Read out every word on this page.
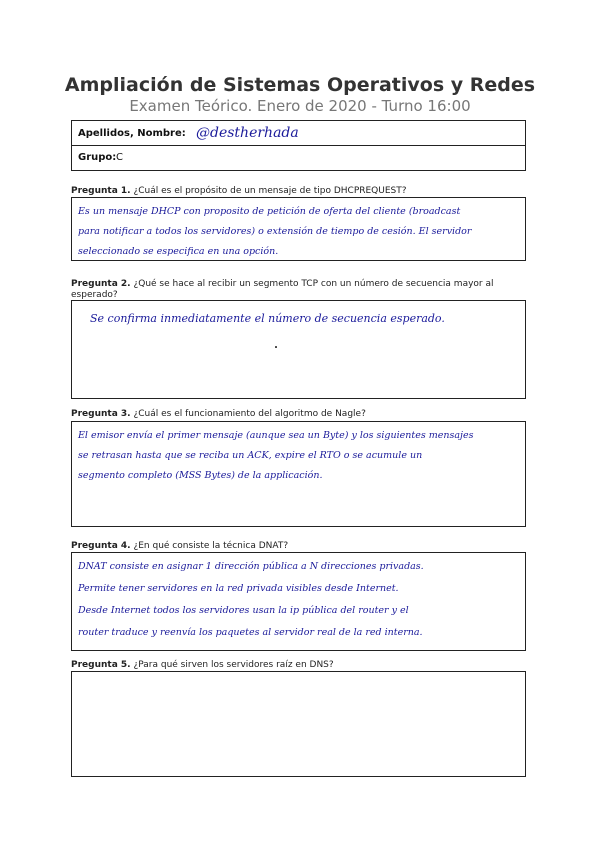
Ampliación de Sistemas Operativos y Redes
Examen Teórico. Enero de 2020 - Turno 16:00
Apellidos, Nombre: @destherhada
Grupo: C
Pregunta 1. ¿Cuál es el propósito de un mensaje de tipo DHCPREQUEST?
Es un mensaje DHCP con proposito de petición de oferta del cliente (broadcast
para notificar a todos los servidores) o extensión de tiempo de cesión. El servidor
seleccionado se especifica en una opción.
Pregunta 2. ¿Qué se hace al recibir un segmento TCP con un número de secuencia mayor al esperado?
Se confirma inmediatamente el número de secuencia esperado.
Pregunta 3. ¿Cuál es el funcionamiento del algoritmo de Nagle?
El emisor envía el primer mensaje (aunque sea un Byte) y los siguientes mensajes
se retrasan hasta que se reciba un ACK, expire el RTO o se acumule un
segmento completo (MSS Bytes) de la applicación.
Pregunta 4. ¿En qué consiste la técnica DNAT?
DNAT consiste en asignar 1 dirección pública a N direcciones privadas.
Permite tener servidores en la red privada visibles desde Internet.
Desde Internet todos los servidores usan la ip pública del router y el
router traduce y reenvía los paquetes al servidor real de la red interna.
Pregunta 5. ¿Para qué sirven los servidores raíz en DNS?
